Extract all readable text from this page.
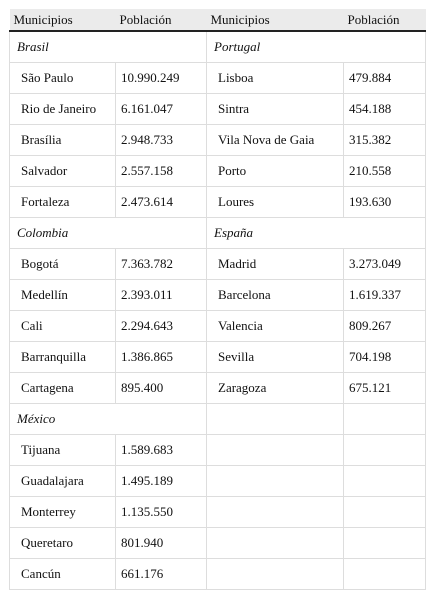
Municipios	Población	Municipios	Población
Brasil		Portugal	
São Paulo	10.990.249	Lisboa	479.884
Rio de Janeiro	6.161.047	Sintra	454.188
Brasília	2.948.733	Vila Nova de Gaia	315.382
Salvador	2.557.158	Porto	210.558
Fortaleza	2.473.614	Loures	193.630
Colombia		España	
Bogotá	7.363.782	Madrid	3.273.049
Medellín	2.393.011	Barcelona	1.619.337
Cali	2.294.643	Valencia	809.267
Barranquilla	1.386.865	Sevilla	704.198
Cartagena	895.400	Zaragoza	675.121
México			
Tijuana	1.589.683		
Guadalajara	1.495.189		
Monterrey	1.135.550		
Queretaro	801.940		
Cancún	661.176		
